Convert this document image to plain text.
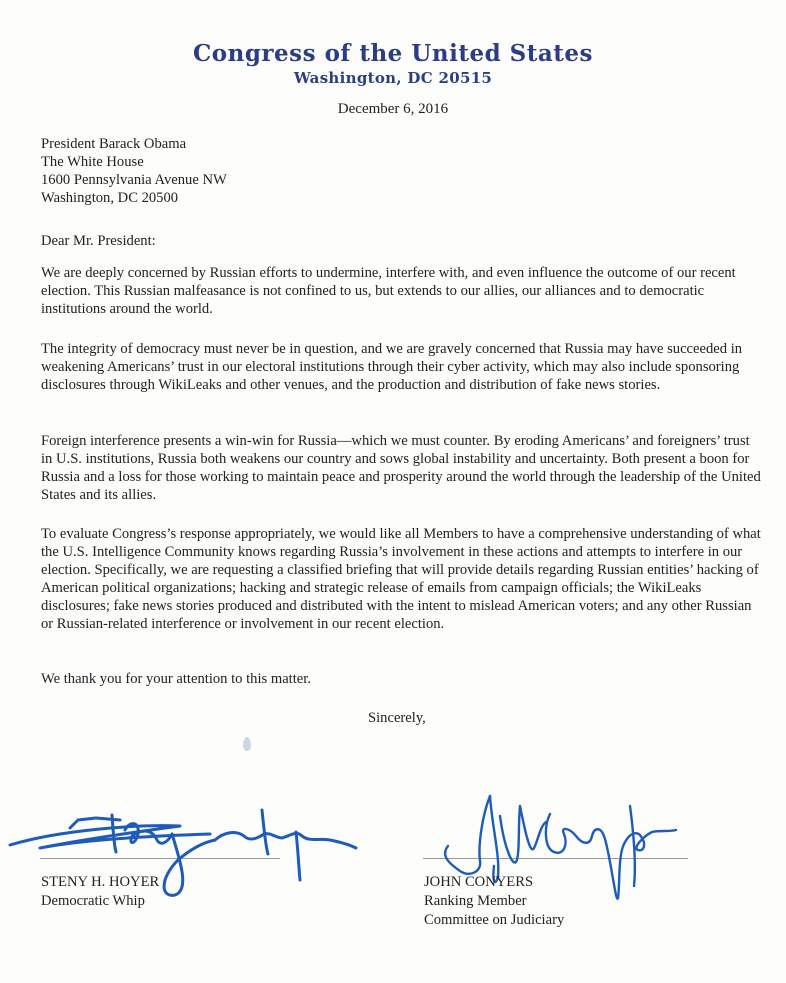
Congress of the United States
Washington, DC 20515
December 6, 2016
President Barack Obama
The White House
1600 Pennsylvania Avenue NW
Washington, DC 20500

Dear Mr. President:

We are deeply concerned by Russian efforts to undermine, interfere with, and even influence the outcome of our recent election. This Russian malfeasance is not confined to us, but extends to our allies, our alliances and to democratic institutions around the world.

The integrity of democracy must never be in question, and we are gravely concerned that Russia may have succeeded in weakening Americans’ trust in our electoral institutions through their cyber activity, which may also include sponsoring disclosures through WikiLeaks and other venues, and the production and distribution of fake news stories.

Foreign interference presents a win-win for Russia—which we must counter. By eroding Americans’ and foreigners’ trust in U.S. institutions, Russia both weakens our country and sows global instability and uncertainty. Both present a boon for Russia and a loss for those working to maintain peace and prosperity around the world through the leadership of the United States and its allies.

To evaluate Congress’s response appropriately, we would like all Members to have a comprehensive understanding of what the U.S. Intelligence Community knows regarding Russia’s involvement in these actions and attempts to interfere in our election. Specifically, we are requesting a classified briefing that will provide details regarding Russian entities’ hacking of American political organizations; hacking and strategic release of emails from campaign officials; the WikiLeaks disclosures; fake news stories produced and distributed with the intent to mislead American voters; and any other Russian or Russian-related interference or involvement in our recent election.

We thank you for your attention to this matter.

Sincerely,
STENY H. HOYER
Democratic Whip
JOHN CONYERS
Ranking Member
Committee on Judiciary
